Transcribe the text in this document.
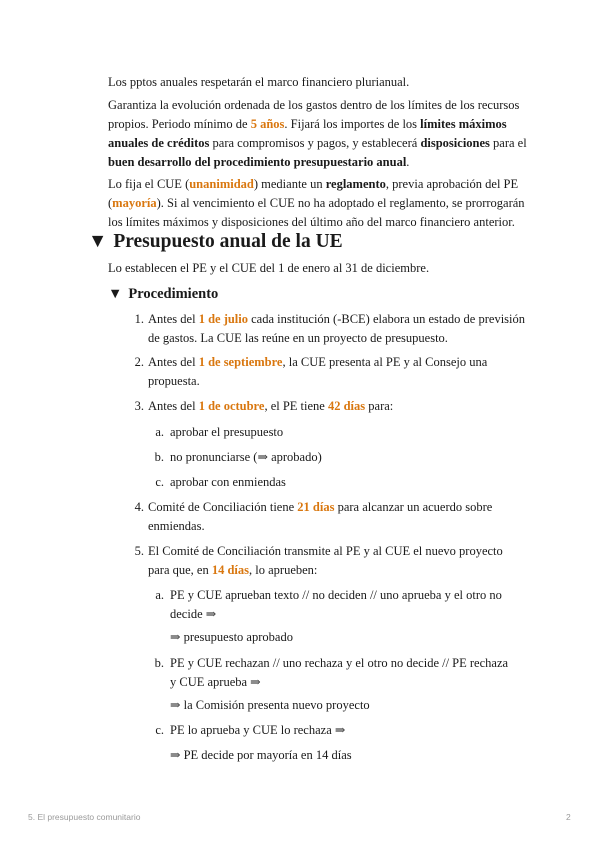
Los pptos anuales respetarán el marco financiero plurianual.

Garantiza la evolución ordenada de los gastos dentro de los límites de los recursos propios. Periodo mínimo de 5 años. Fijará los importes de los límites máximos anuales de créditos para compromisos y pagos, y establecerá disposiciones para el buen desarrollo del procedimiento presupuestario anual.

Lo fija el CUE (unanimidad) mediante un reglamento, previa aprobación del PE (mayoría). Si al vencimiento el CUE no ha adoptado el reglamento, se prorrogarán los límites máximos y disposiciones del último año del marco financiero anterior.

▼ Presupuesto anual de la UE

Lo establecen el PE y el CUE del 1 de enero al 31 de diciembre.

▼ Procedimiento
1. Antes del 1 de julio cada institución (-BCE) elabora un estado de previsión de gastos. La CUE las reúne en un proyecto de presupuesto.
2. Antes del 1 de septiembre, la CUE presenta al PE y al Consejo una propuesta.
3. Antes del 1 de octubre, el PE tiene 42 días para:
a. aprobar el presupuesto
b. no pronunciarse (⇒ aprobado)
c. aprobar con enmiendas
4. Comité de Conciliación tiene 21 días para alcanzar un acuerdo sobre enmiendas.
5. El Comité de Conciliación transmite al PE y al CUE el nuevo proyecto para que, en 14 días, lo aprueben:
a. PE y CUE aprueban texto // no deciden // uno aprueba y el otro no decide ⇒
⇒ presupuesto aprobado
b. PE y CUE rechazan // uno rechaza y el otro no decide // PE rechaza y CUE aprueba ⇒
⇒ la Comisión presenta nuevo proyecto
c. PE lo aprueba y CUE lo rechaza ⇒
⇒ PE decide por mayoría en 14 días
5. El presupuesto comunitario	2
